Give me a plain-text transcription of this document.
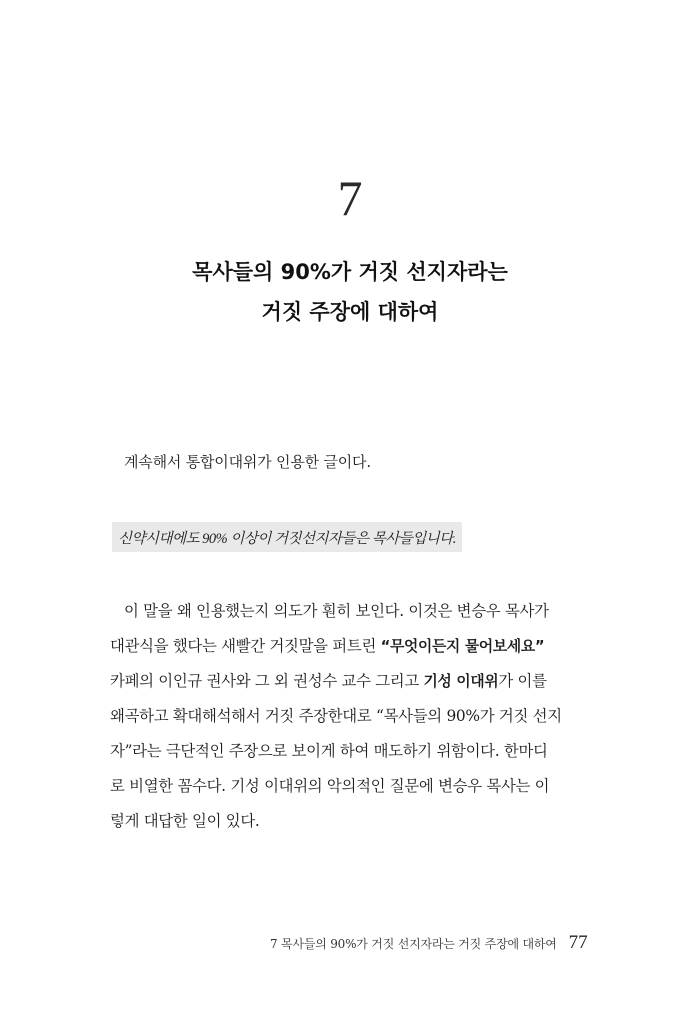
7
목사들의 90%가 거짓 선지자라는
거짓 주장에 대하여
계속해서 통합이대위가 인용한 글이다.
신약시대에도 90% 이상이 거짓선지자들은 목사들입니다.
이 말을 왜 인용했는지 의도가 훤히 보인다. 이것은 변승우 목사가
대관식을 했다는 새빨간 거짓말을 퍼트린 “무엇이든지 물어보세요”
카페의 이인규 권사와 그 외 권성수 교수 그리고 기성 이대위가 이를
왜곡하고 확대해석해서 거짓 주장한대로 “목사들의 90%가 거짓 선지
자”라는 극단적인 주장으로 보이게 하여 매도하기 위함이다. 한마디
로 비열한 꼼수다. 기성 이대위의 악의적인 질문에 변승우 목사는 이
렇게 대답한 일이 있다.
7 목사들의 90%가 거짓 선지자라는 거짓 주장에 대하여 77
